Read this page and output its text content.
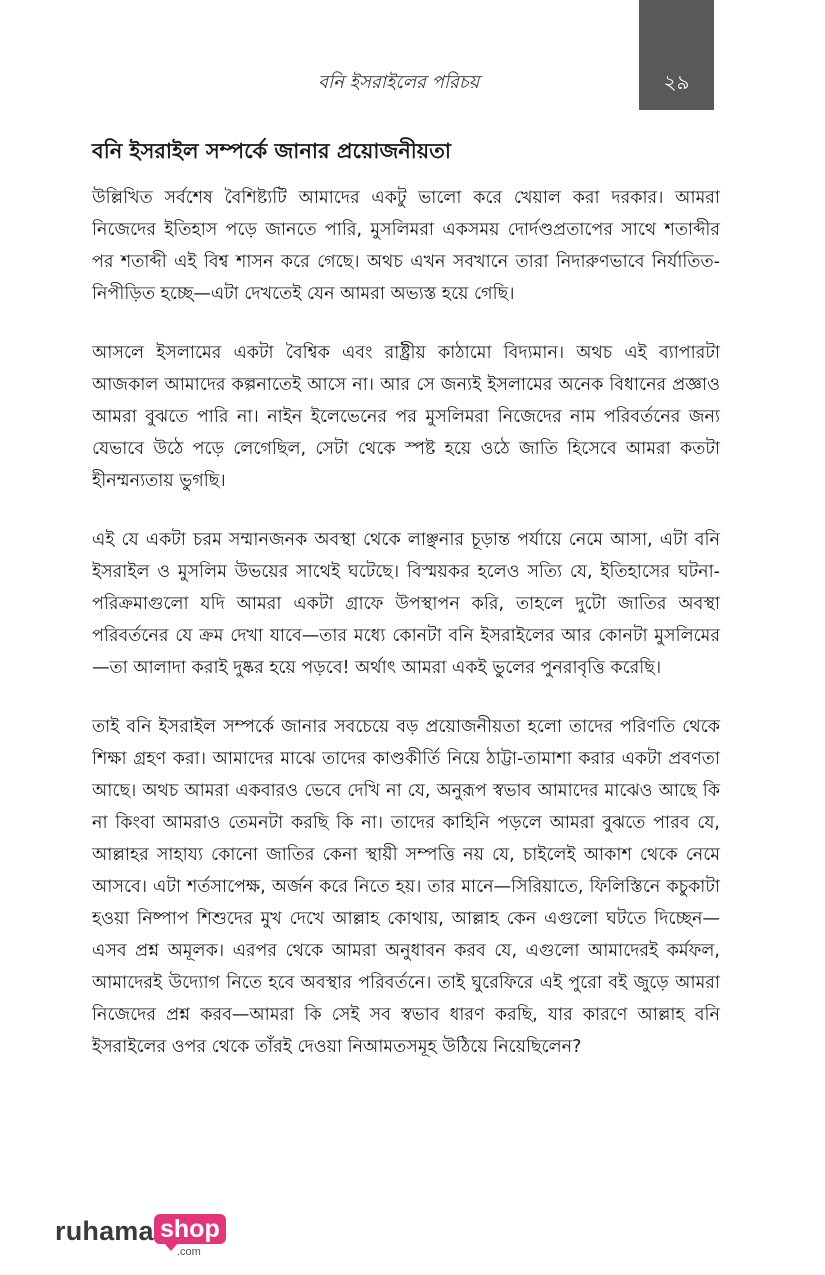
বনি ইসরাইলের পরিচয়	২৯
বনি ইসরাইল সম্পর্কে জানার প্রয়োজনীয়তা

উল্লিখিত সর্বশেষ বৈশিষ্ট্যটি আমাদের একটু ভালো করে খেয়াল করা দরকার। আমরা নিজেদের ইতিহাস পড়ে জানতে পারি, মুসলিমরা একসময় দোর্দণ্ডপ্রতাপের সাথে শতাব্দীর পর শতাব্দী এই বিশ্ব শাসন করে গেছে। অথচ এখন সবখানে তারা নিদারুণভাবে নির্যাতিত-নিপীড়িত হচ্ছে—এটা দেখতেই যেন আমরা অভ্যস্ত হয়ে গেছি।

আসলে ইসলামের একটা বৈশ্বিক এবং রাষ্ট্রীয় কাঠামো বিদ্যমান। অথচ এই ব্যাপারটা আজকাল আমাদের কল্পনাতেই আসে না। আর সে জন্যই ইসলামের অনেক বিধানের প্রজ্ঞাও আমরা বুঝতে পারি না। নাইন ইলেভেনের পর মুসলিমরা নিজেদের নাম পরিবর্তনের জন্য যেভাবে উঠে পড়ে লেগেছিল, সেটা থেকে স্পষ্ট হয়ে ওঠে জাতি হিসেবে আমরা কতটা হীনম্মন্যতায় ভুগছি।

এই যে একটা চরম সম্মানজনক অবস্থা থেকে লাঞ্ছনার চূড়ান্ত পর্যায়ে নেমে আসা, এটা বনি ইসরাইল ও মুসলিম উভয়ের সাথেই ঘটেছে। বিস্ময়কর হলেও সত্যি যে, ইতিহাসের ঘটনা-পরিক্রমাগুলো যদি আমরা একটা গ্রাফে উপস্থাপন করি, তাহলে দুটো জাতির অবস্থা পরিবর্তনের যে ক্রম দেখা যাবে—তার মধ্যে কোনটা বনি ইসরাইলের আর কোনটা মুসলিমের—তা আলাদা করাই দুষ্কর হয়ে পড়বে! অর্থাৎ আমরা একই ভুলের পুনরাবৃত্তি করেছি।

তাই বনি ইসরাইল সম্পর্কে জানার সবচেয়ে বড় প্রয়োজনীয়তা হলো তাদের পরিণতি থেকে শিক্ষা গ্রহণ করা। আমাদের মাঝে তাদের কাণ্ডকীর্তি নিয়ে ঠাট্টা-তামাশা করার একটা প্রবণতা আছে। অথচ আমরা একবারও ভেবে দেখি না যে, অনুরূপ স্বভাব আমাদের মাঝেও আছে কি না কিংবা আমরাও তেমনটা করছি কি না। তাদের কাহিনি পড়লে আমরা বুঝতে পারব যে, আল্লাহর সাহায্য কোনো জাতির কেনা স্থায়ী সম্পত্তি নয় যে, চাইলেই আকাশ থেকে নেমে আসবে। এটা শর্তসাপেক্ষ, অর্জন করে নিতে হয়। তার মানে—সিরিয়াতে, ফিলিস্তিনে কচুকাটা হওয়া নিষ্পাপ শিশুদের মুখ দেখে আল্লাহ কোথায়, আল্লাহ কেন এগুলো ঘটতে দিচ্ছেন—এসব প্রশ্ন অমূলক। এরপর থেকে আমরা অনুধাবন করব যে, এগুলো আমাদেরই কর্মফল, আমাদেরই উদ্যোগ নিতে হবে অবস্থার পরিবর্তনে। তাই ঘুরেফিরে এই পুরো বই জুড়ে আমরা নিজেদের প্রশ্ন করব—আমরা কি সেই সব স্বভাব ধারণ করছি, যার কারণে আল্লাহ বনি ইসরাইলের ওপর থেকে তাঁরই দেওয়া নিআমতসমূহ উঠিয়ে নিয়েছিলেন?

ruhama shop
.com
